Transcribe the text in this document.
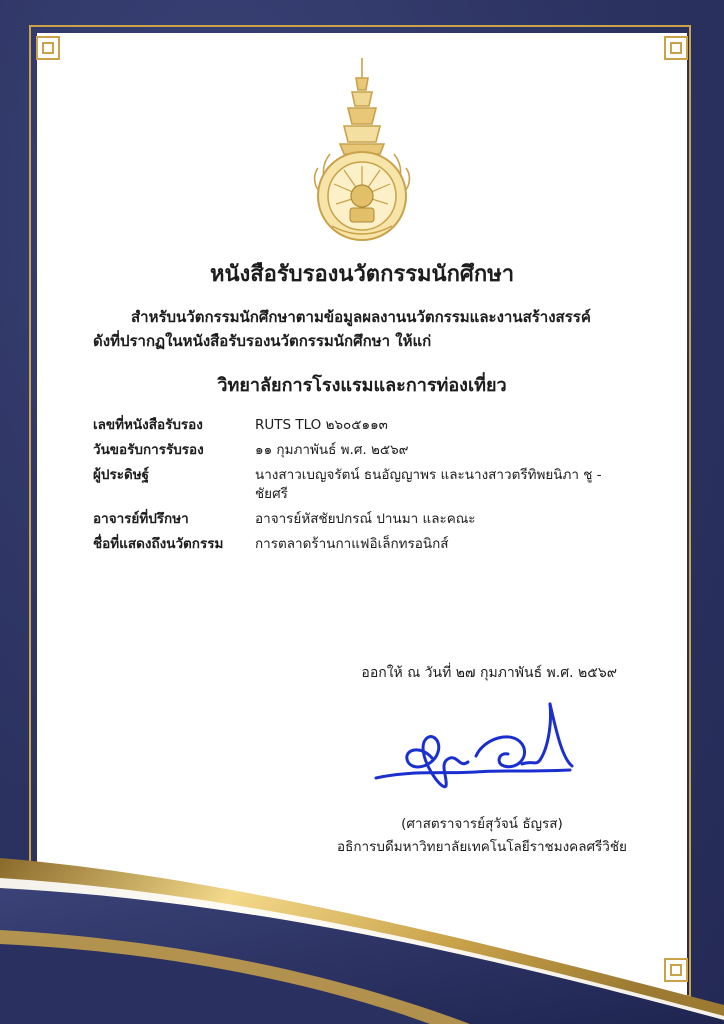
หนังสือรับรองนวัตกรรมนักศึกษา
สำหรับนวัตกรรมนักศึกษาตามข้อมูลผลงานนวัตกรรมและงานสร้างสรรค์
ดังที่ปรากฏในหนังสือรับรองนวัตกรรมนักศึกษา ให้แก่
วิทยาลัยการโรงแรมและการท่องเที่ยว
เลขที่หนังสือรับรอง	RUTS TLO ๒๖๐๕๑๑๓
วันขอรับการรับรอง	๑๑ กุมภาพันธ์ พ.ศ. ๒๕๖๙
ผู้ประดิษฐ์	นางสาวเบญจรัตน์ ธนอัญญาพร และนางสาวตรีทิพยนิภา ชู - ชัยศรี
อาจารย์ที่ปรึกษา	อาจารย์หัสชัยปกรณ์ ปานมา และคณะ
ชื่อที่แสดงถึงนวัตกรรม	การตลาดร้านกาแฟอิเล็กทรอนิกส์
ออกให้ ณ วันที่ ๒๗ กุมภาพันธ์ พ.ศ. ๒๕๖๙
(ศาสตราจารย์สุวัจน์ ธัญรส)
อธิการบดีมหาวิทยาลัยเทคโนโลยีราชมงคลศรีวิชัย
